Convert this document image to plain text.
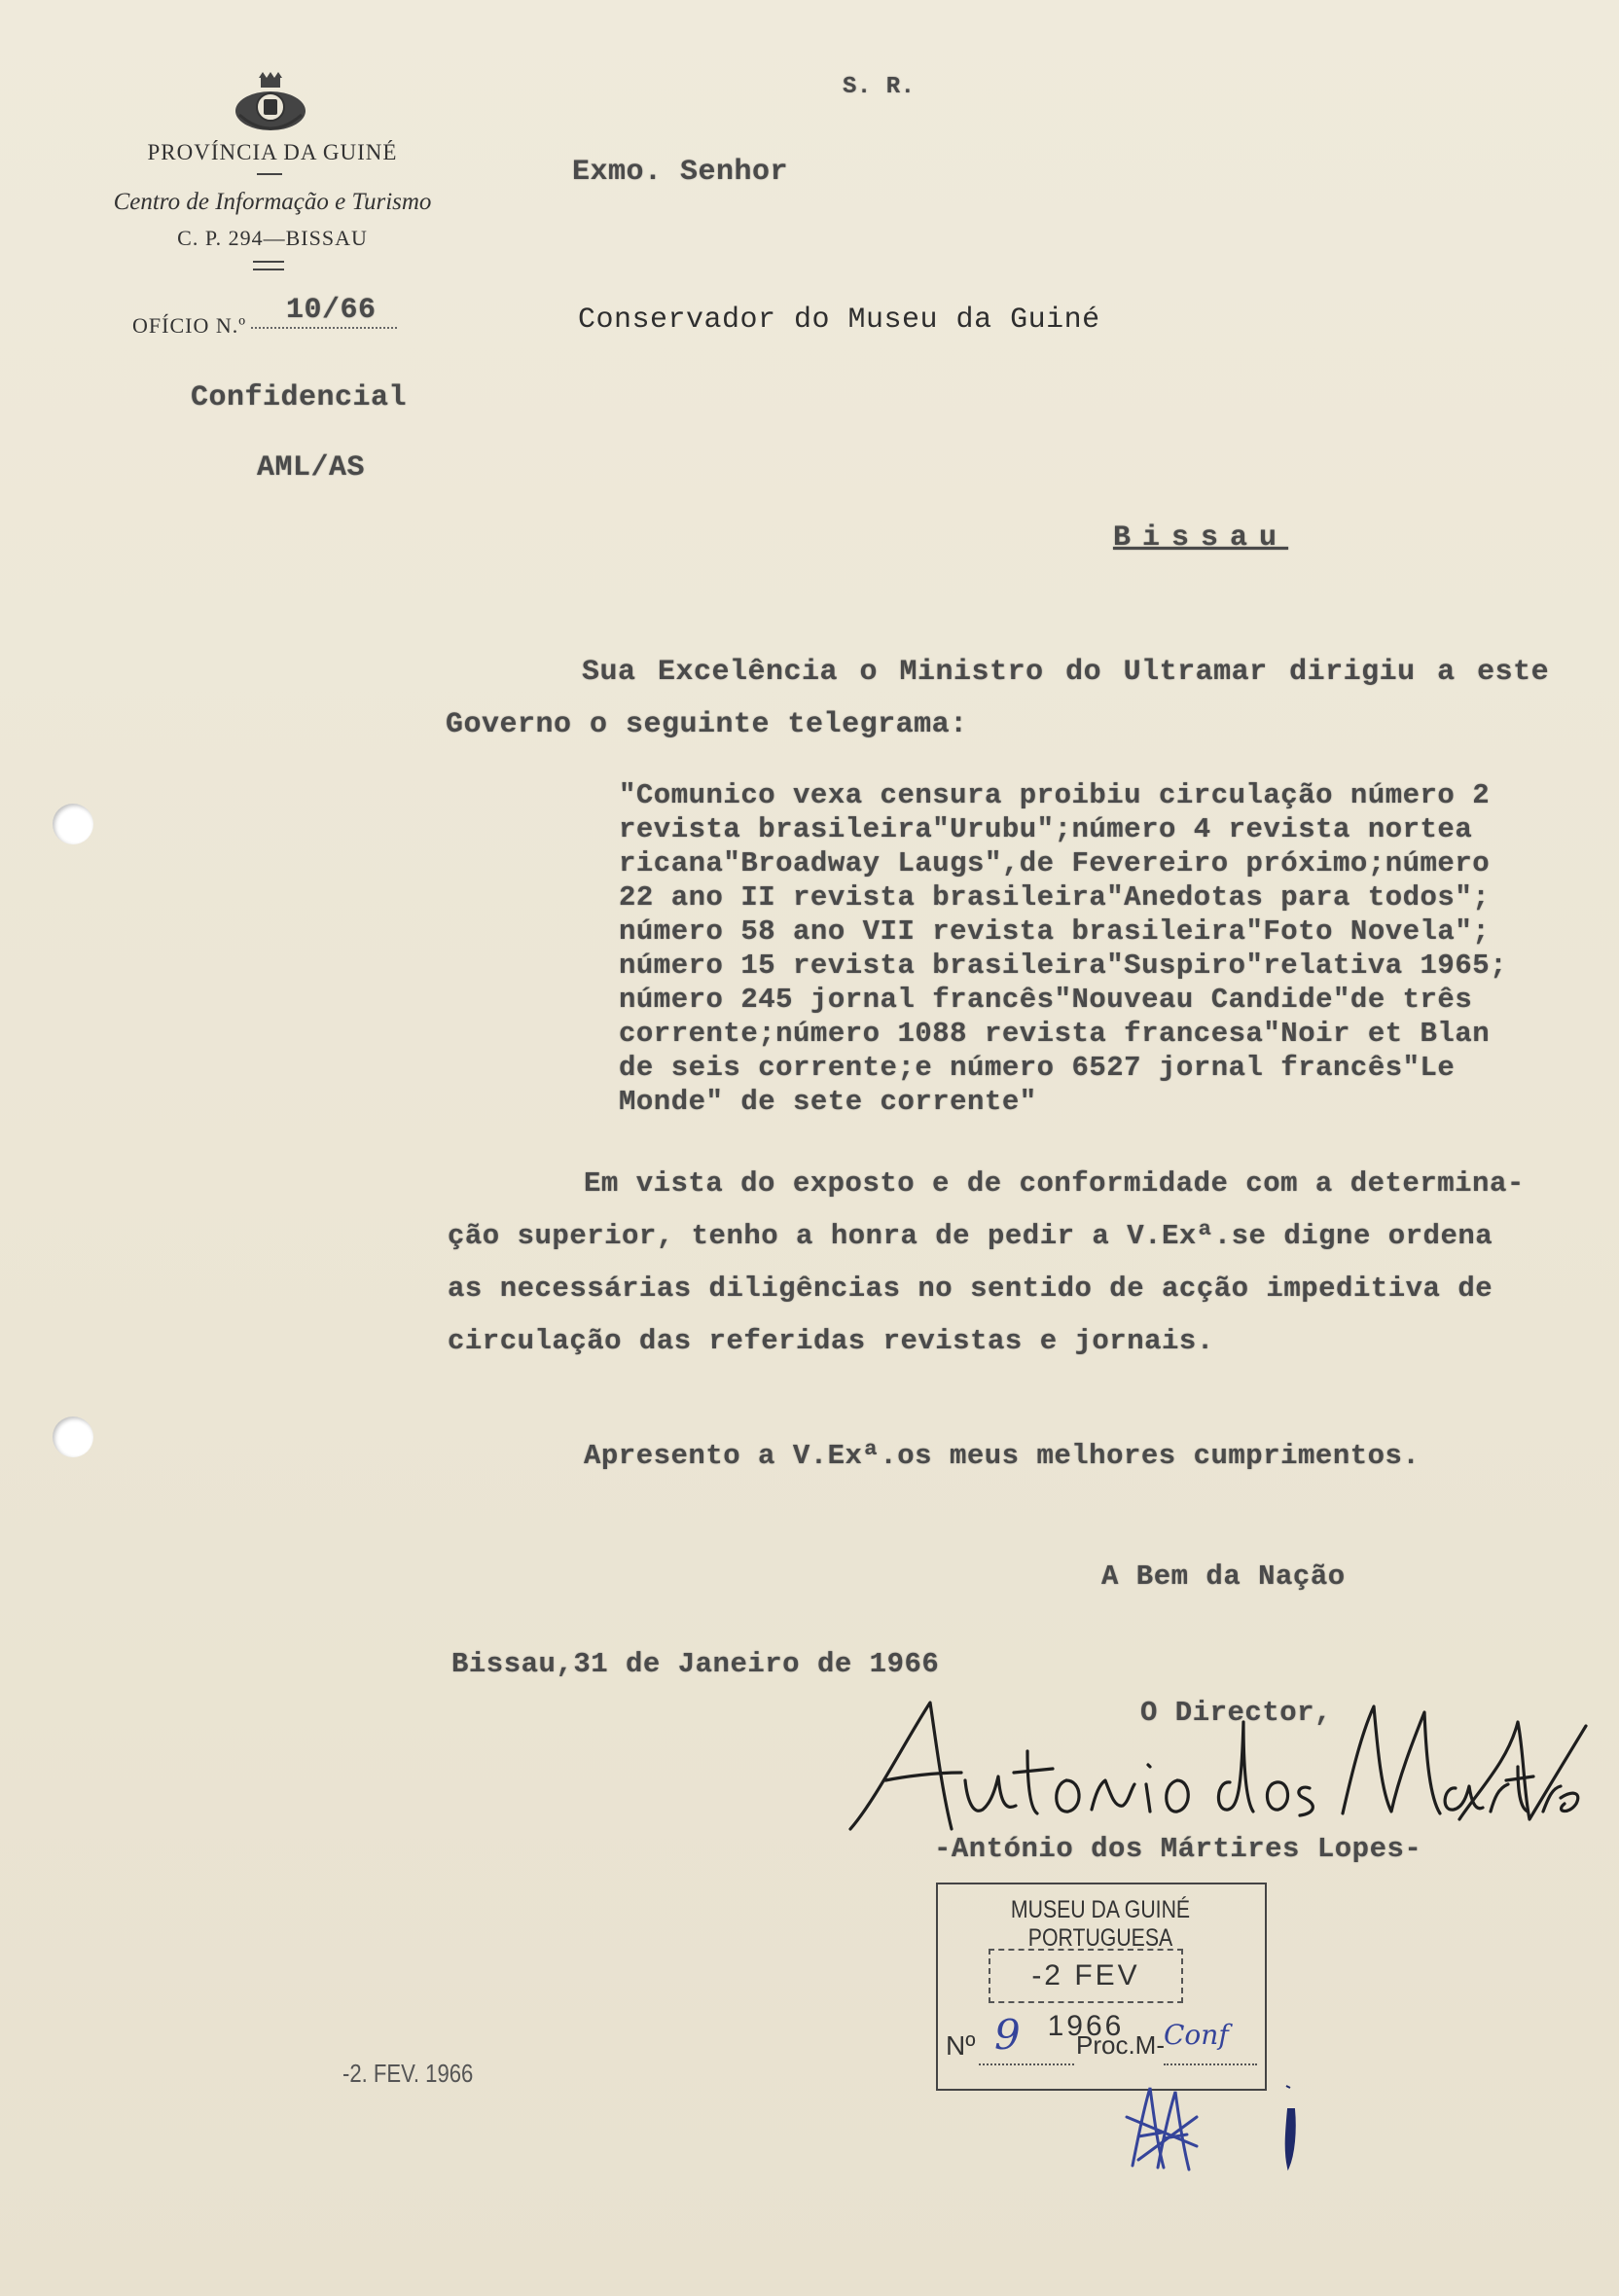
PROVÍNCIA DA GUINÉ
Centro de Informação e Turismo
C. P. 294—BISSAU
OFÍCIO N.º	10/66
Confidencial
AML/AS
S. R.
Exmo. Senhor
Conservador do Museu da Guiné
Bissau
Sua Excelência o Ministro do Ultramar dirigiu a este
Governo o seguinte telegrama:
"Comunico vexa censura proibiu circulação número 2
revista brasileira"Urubu";número 4 revista nortea
ricana"Broadway Laugs",de Fevereiro próximo;número
22 ano II revista brasileira"Anedotas para todos";
número 58 ano VII revista brasileira"Foto Novela";
número 15 revista brasileira"Suspiro"relativa 1965;
número 245 jornal francês"Nouveau Candide"de três
corrente;número 1088 revista francesa"Noir et Blan
de seis corrente;e número 6527 jornal francês"Le
Monde" de sete corrente"
Em vista do exposto e de conformidade com a determina-
ção superior, tenho a honra de pedir a V.Exª.se digne ordena
as necessárias diligências no sentido de acção impeditiva de
circulação das referidas revistas e jornais.
Apresento a V.Exª.os meus melhores cumprimentos.
A Bem da Nação
Bissau,31 de Janeiro de 1966
O Director,
-António dos Mártires Lopes-
MUSEU DA GUINÉ PORTUGUESA
-2 FEV 1966
Nº	Proc.M-
9	Conf
-2. FEV. 1966
